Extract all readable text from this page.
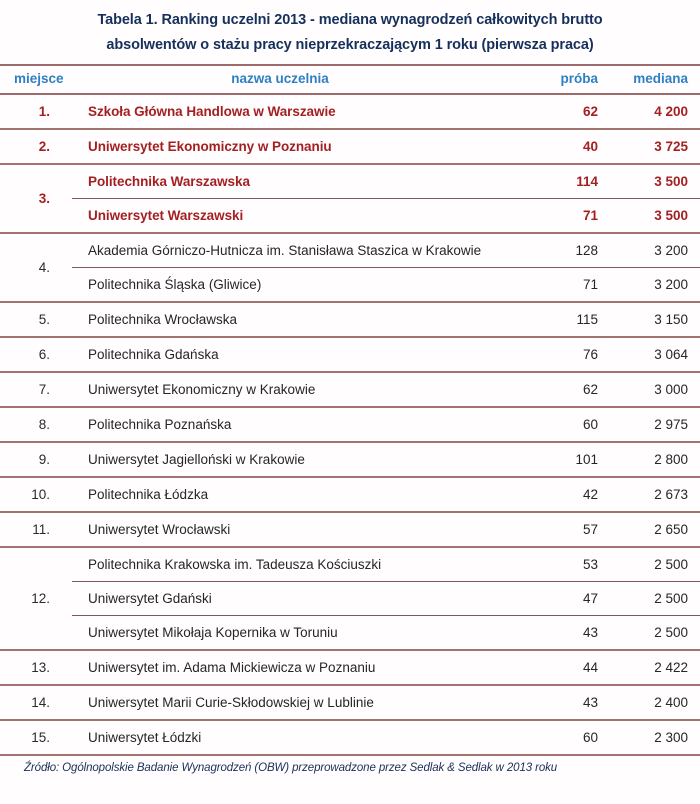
Tabela 1. Ranking uczelni 2013 - mediana wynagrodzeń całkowitych brutto
absolwentów o stażu pracy nieprzekraczającym 1 roku (pierwsza praca)
miejsce	nazwa uczelnia	próba	mediana
1.	Szkoła Główna Handlowa w Warszawie	62	4 200
2.	Uniwersytet Ekonomiczny w Poznaniu	40	3 725
3.	Politechnika Warszawska	114	3 500
	Uniwersytet Warszawski	71	3 500
4.	Akademia Górniczo-Hutnicza im. Stanisława Staszica w Krakowie	128	3 200
	Politechnika Śląska (Gliwice)	71	3 200
5.	Politechnika Wrocławska	115	3 150
6.	Politechnika Gdańska	76	3 064
7.	Uniwersytet Ekonomiczny w Krakowie	62	3 000
8.	Politechnika Poznańska	60	2 975
9.	Uniwersytet Jagielloński w Krakowie	101	2 800
10.	Politechnika Łódzka	42	2 673
11.	Uniwersytet Wrocławski	57	2 650
12.	Politechnika Krakowska im. Tadeusza Kościuszki	53	2 500
	Uniwersytet Gdański	47	2 500
	Uniwersytet Mikołaja Kopernika w Toruniu	43	2 500
13.	Uniwersytet im. Adama Mickiewicza w Poznaniu	44	2 422
14.	Uniwersytet Marii Curie-Skłodowskiej w Lublinie	43	2 400
15.	Uniwersytet Łódzki	60	2 300
Źródło: Ogólnopolskie Badanie Wynagrodzeń (OBW) przeprowadzone przez Sedlak & Sedlak w 2013 roku
